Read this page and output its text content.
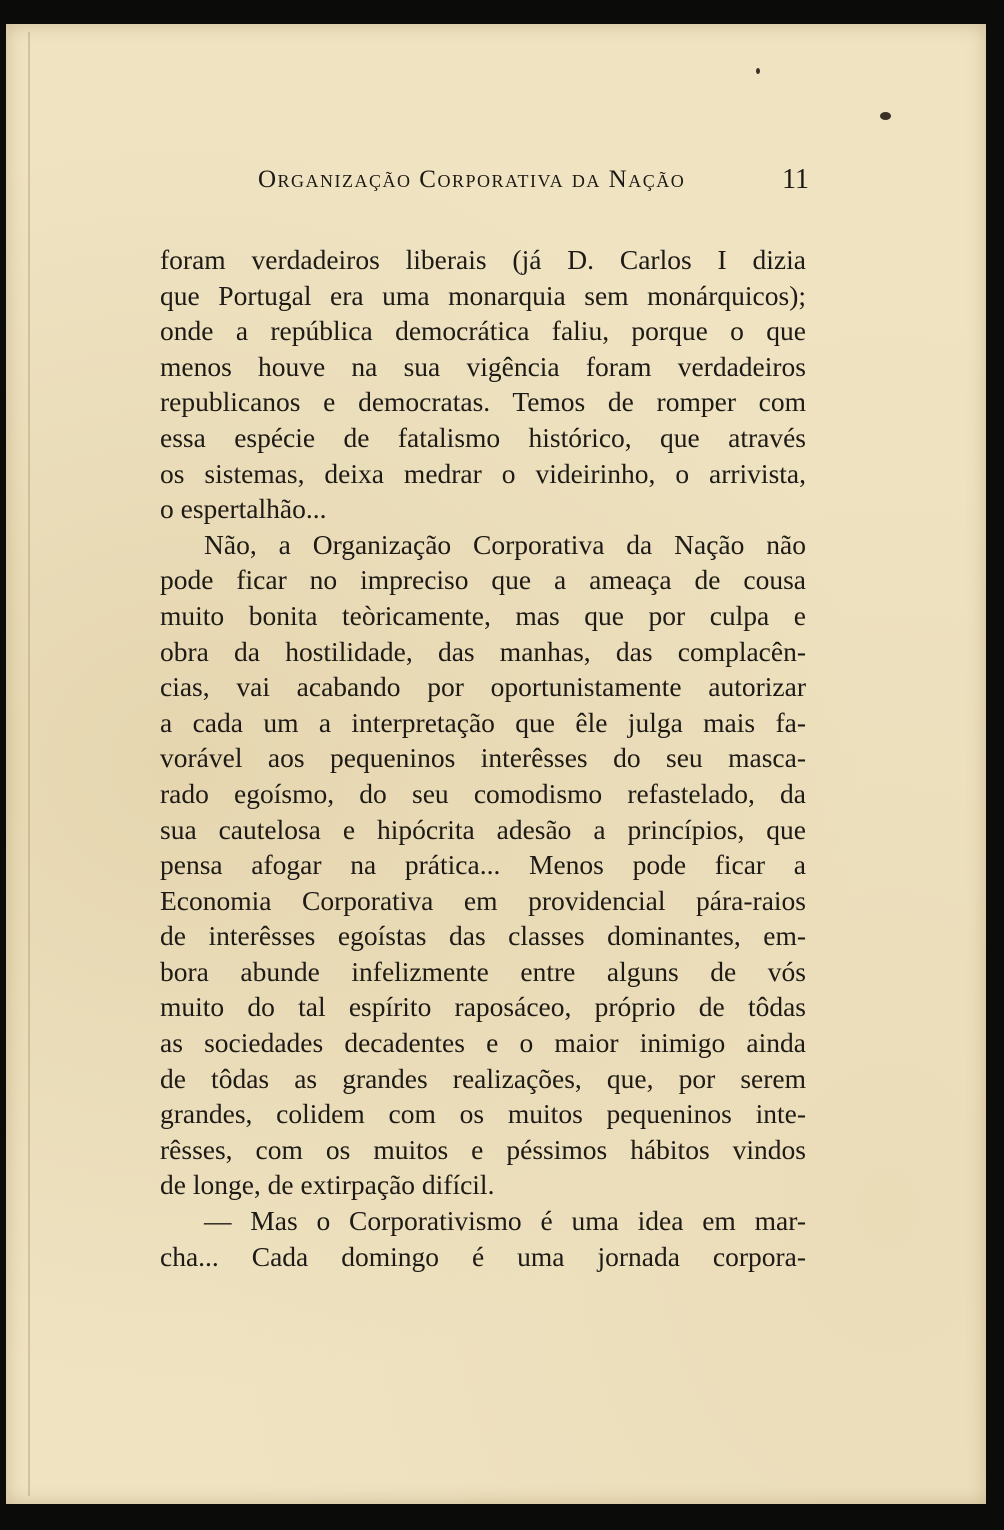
Organização Corporativa da Nação	11
foram verdadeiros liberais (já D. Carlos I dizia
que Portugal era uma monarquia sem monárquicos);
onde a república democrática faliu, porque o que
menos houve na sua vigência foram verdadeiros
republicanos e democratas. Temos de romper com
essa espécie de fatalismo histórico, que através
os sistemas, deixa medrar o videirinho, o arrivista,
o espertalhão...
Não, a Organização Corporativa da Nação não
pode ficar no impreciso que a ameaça de cousa
muito bonita teòricamente, mas que por culpa e
obra da hostilidade, das manhas, das complacên-
cias, vai acabando por oportunistamente autorizar
a cada um a interpretação que êle julga mais fa-
vorável aos pequeninos interêsses do seu masca-
rado egoísmo, do seu comodismo refastelado, da
sua cautelosa e hipócrita adesão a princípios, que
pensa afogar na prática... Menos pode ficar a
Economia Corporativa em providencial pára-raios
de interêsses egoístas das classes dominantes, em-
bora abunde infelizmente entre alguns de vós
muito do tal espírito raposáceo, próprio de tôdas
as sociedades decadentes e o maior inimigo ainda
de tôdas as grandes realizações, que, por serem
grandes, colidem com os muitos pequeninos inte-
rêsses, com os muitos e péssimos hábitos vindos
de longe, de extirpação difícil.
— Mas o Corporativismo é uma idea em mar-
cha... Cada domingo é uma jornada corpora-
